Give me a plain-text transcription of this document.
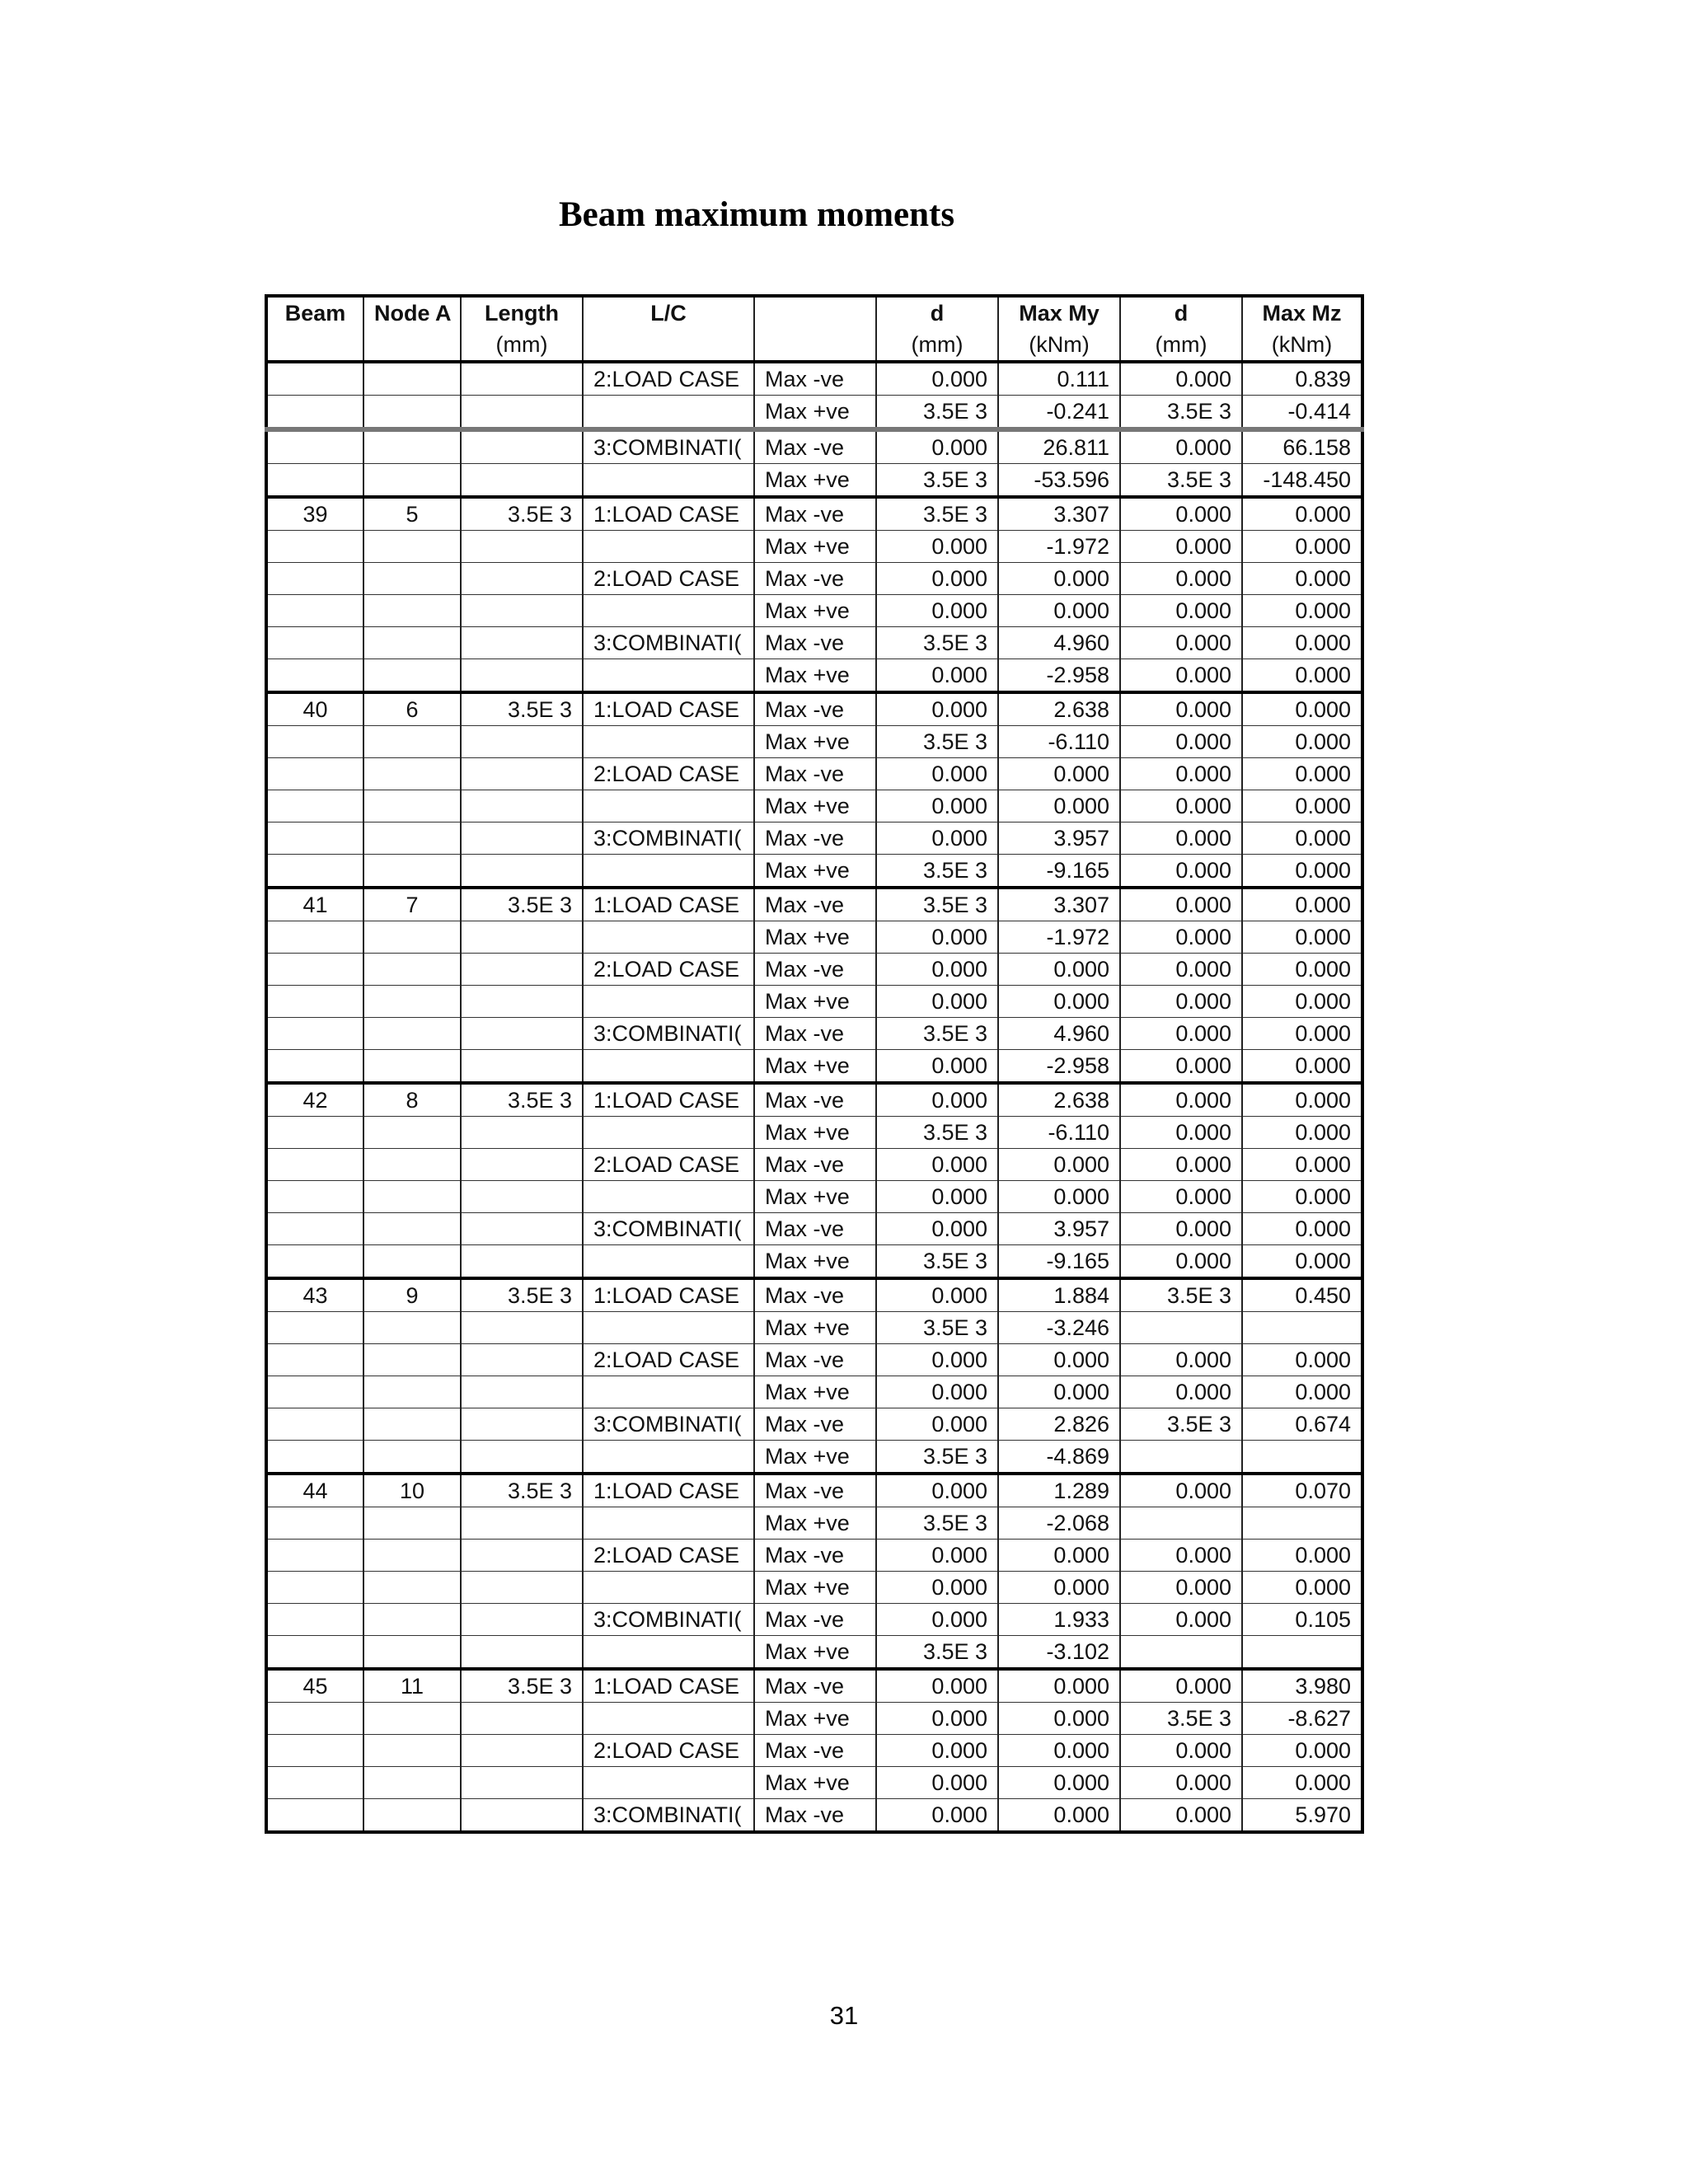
Beam maximum moments
Beam	Node A	Length	L/C		d	Max My	d	Max Mz
		(mm)			(mm)	(kNm)	(mm)	(kNm)
			2:LOAD CASE	Max -ve	0.000	0.111	0.000	0.839
				Max +ve	3.5E 3	-0.241	3.5E 3	-0.414
			3:COMBINATI(	Max -ve	0.000	26.811	0.000	66.158
				Max +ve	3.5E 3	-53.596	3.5E 3	-148.450
39	5	3.5E 3	1:LOAD CASE	Max -ve	3.5E 3	3.307	0.000	0.000
				Max +ve	0.000	-1.972	0.000	0.000
			2:LOAD CASE	Max -ve	0.000	0.000	0.000	0.000
				Max +ve	0.000	0.000	0.000	0.000
			3:COMBINATI(	Max -ve	3.5E 3	4.960	0.000	0.000
				Max +ve	0.000	-2.958	0.000	0.000
40	6	3.5E 3	1:LOAD CASE	Max -ve	0.000	2.638	0.000	0.000
				Max +ve	3.5E 3	-6.110	0.000	0.000
			2:LOAD CASE	Max -ve	0.000	0.000	0.000	0.000
				Max +ve	0.000	0.000	0.000	0.000
			3:COMBINATI(	Max -ve	0.000	3.957	0.000	0.000
				Max +ve	3.5E 3	-9.165	0.000	0.000
41	7	3.5E 3	1:LOAD CASE	Max -ve	3.5E 3	3.307	0.000	0.000
				Max +ve	0.000	-1.972	0.000	0.000
			2:LOAD CASE	Max -ve	0.000	0.000	0.000	0.000
				Max +ve	0.000	0.000	0.000	0.000
			3:COMBINATI(	Max -ve	3.5E 3	4.960	0.000	0.000
				Max +ve	0.000	-2.958	0.000	0.000
42	8	3.5E 3	1:LOAD CASE	Max -ve	0.000	2.638	0.000	0.000
				Max +ve	3.5E 3	-6.110	0.000	0.000
			2:LOAD CASE	Max -ve	0.000	0.000	0.000	0.000
				Max +ve	0.000	0.000	0.000	0.000
			3:COMBINATI(	Max -ve	0.000	3.957	0.000	0.000
				Max +ve	3.5E 3	-9.165	0.000	0.000
43	9	3.5E 3	1:LOAD CASE	Max -ve	0.000	1.884	3.5E 3	0.450
				Max +ve	3.5E 3	-3.246		
			2:LOAD CASE	Max -ve	0.000	0.000	0.000	0.000
				Max +ve	0.000	0.000	0.000	0.000
			3:COMBINATI(	Max -ve	0.000	2.826	3.5E 3	0.674
				Max +ve	3.5E 3	-4.869		
44	10	3.5E 3	1:LOAD CASE	Max -ve	0.000	1.289	0.000	0.070
				Max +ve	3.5E 3	-2.068		
			2:LOAD CASE	Max -ve	0.000	0.000	0.000	0.000
				Max +ve	0.000	0.000	0.000	0.000
			3:COMBINATI(	Max -ve	0.000	1.933	0.000	0.105
				Max +ve	3.5E 3	-3.102		
45	11	3.5E 3	1:LOAD CASE	Max -ve	0.000	0.000	0.000	3.980
				Max +ve	0.000	0.000	3.5E 3	-8.627
			2:LOAD CASE	Max -ve	0.000	0.000	0.000	0.000
				Max +ve	0.000	0.000	0.000	0.000
			3:COMBINATI(	Max -ve	0.000	0.000	0.000	5.970
31
